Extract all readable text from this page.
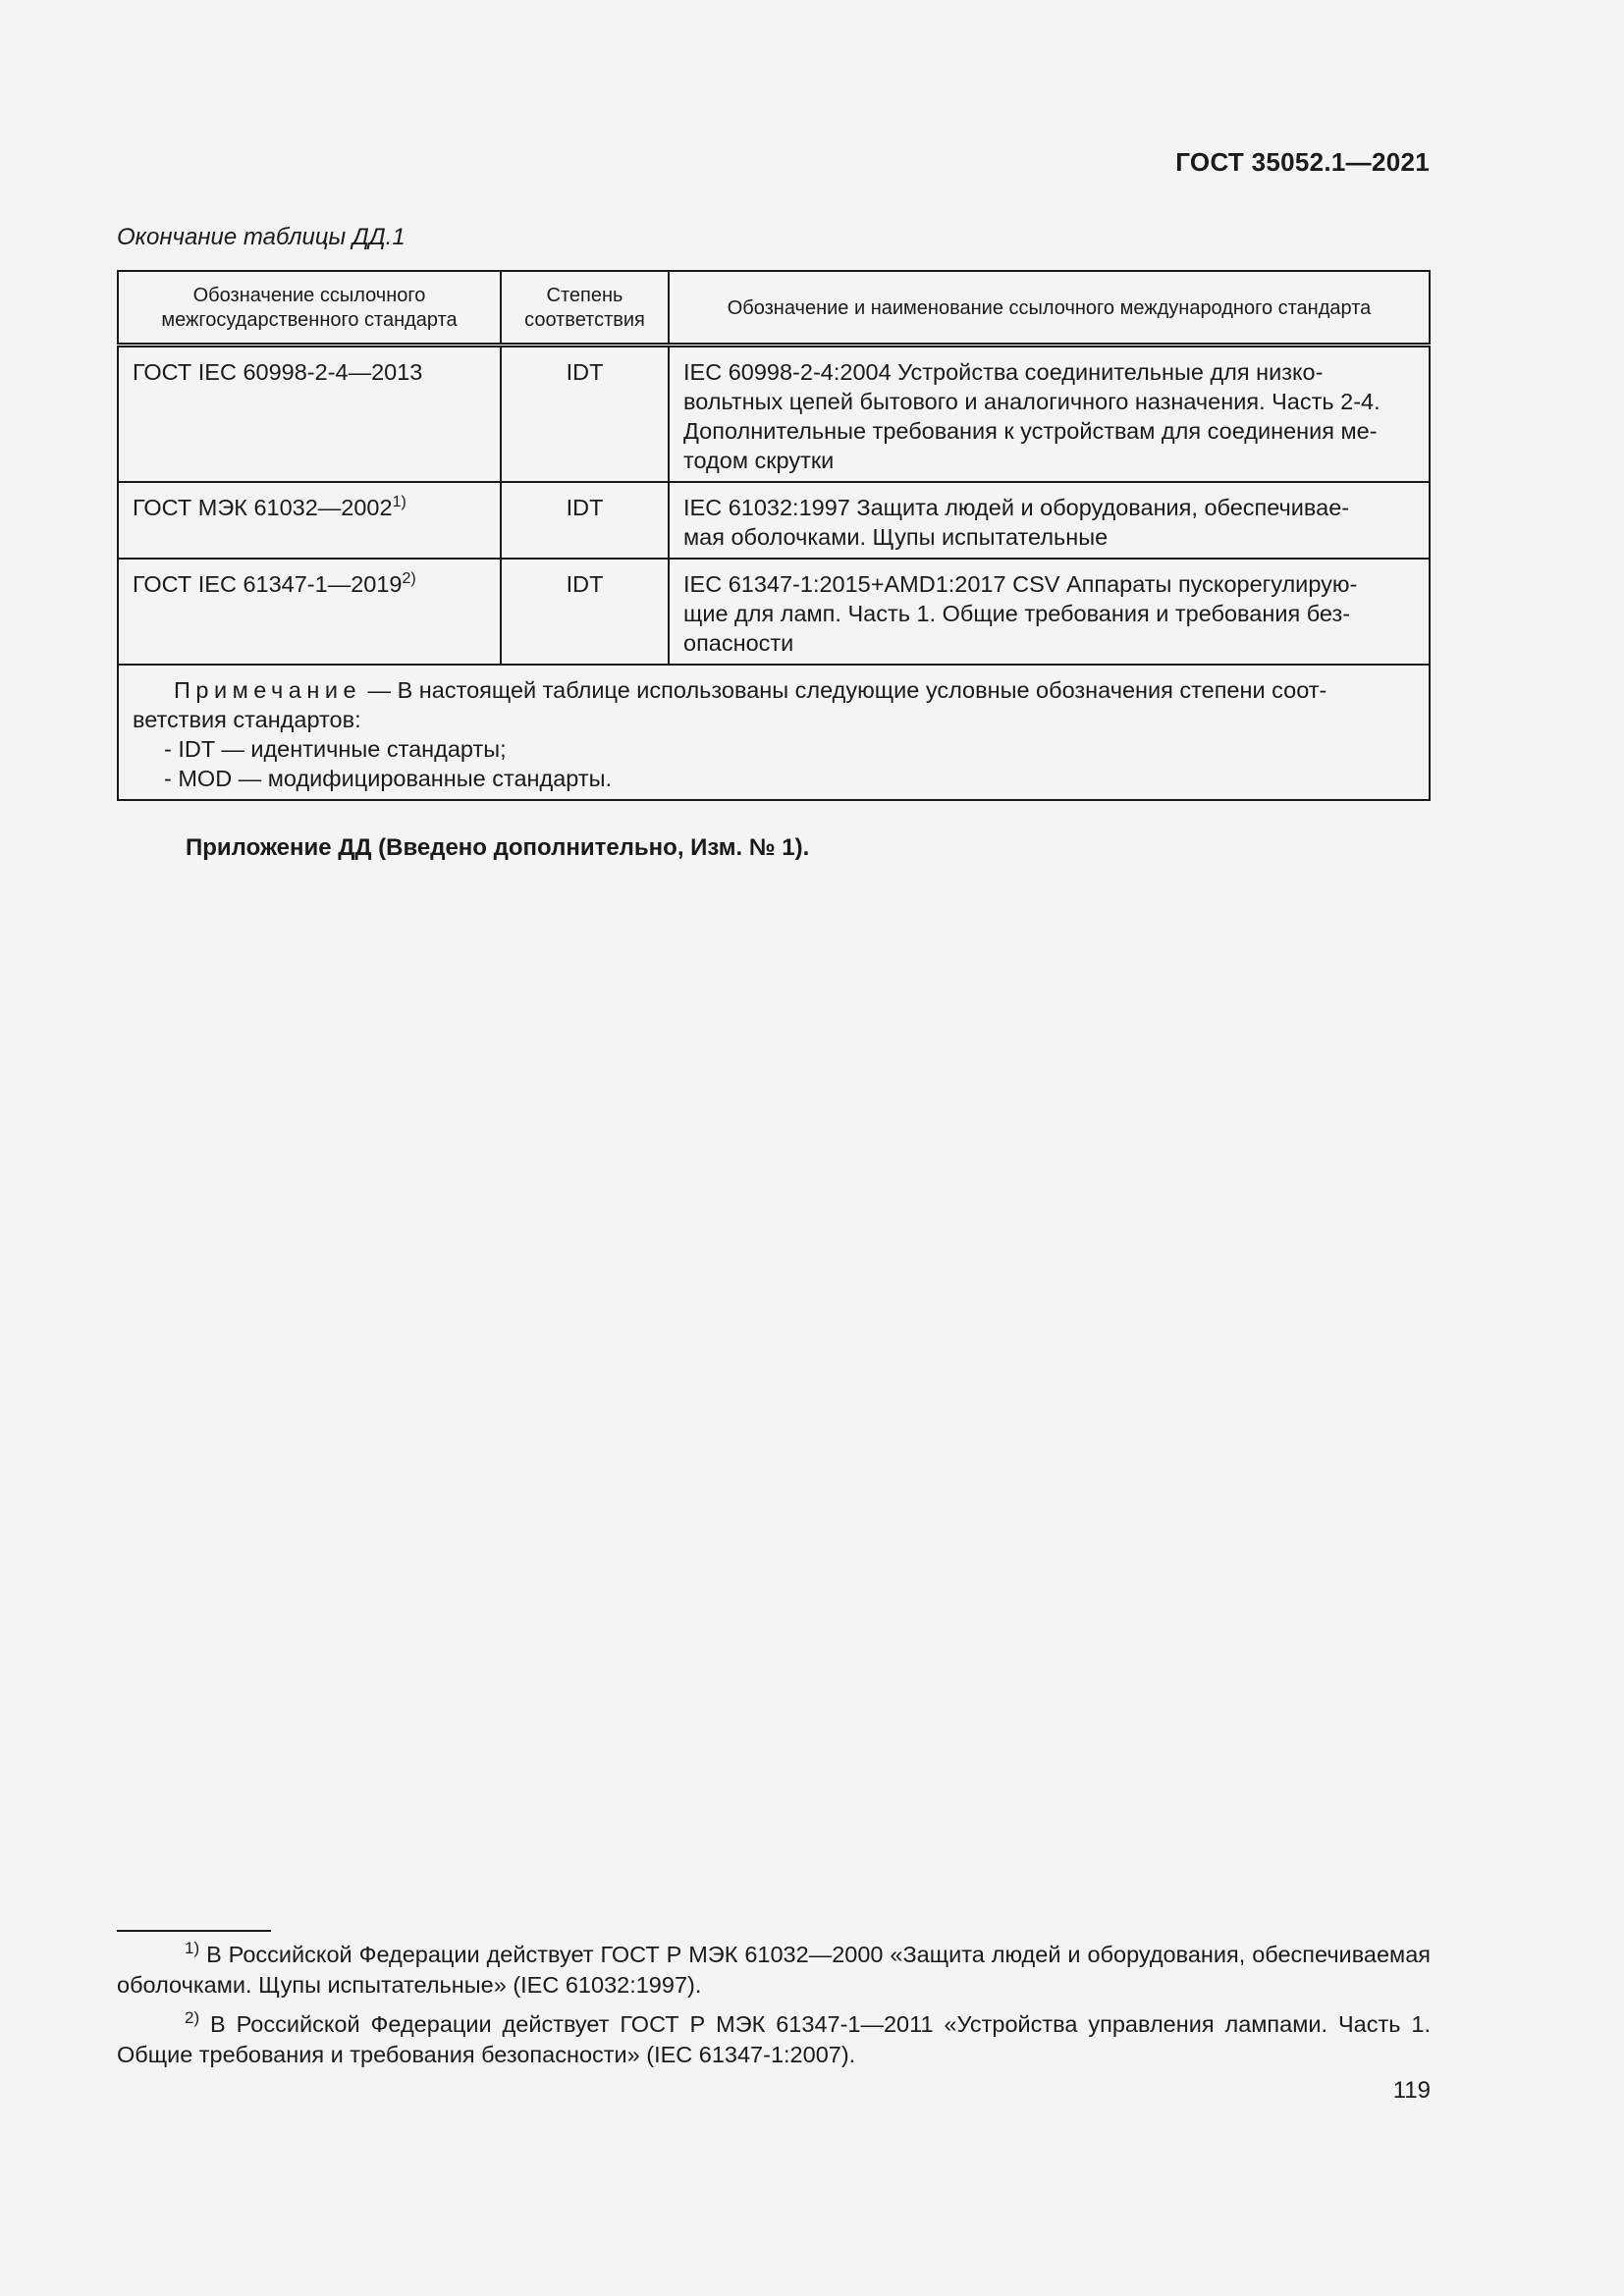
ГОСТ 35052.1—2021
Окончание таблицы ДД.1
Обозначение ссылочного межгосударственного стандарта	Степень соответствия	Обозначение и наименование ссылочного международного стандарта
ГОСТ IEC 60998-2-4—2013	IDT	IEC 60998-2-4:2004 Устройства соединительные для низко-
вольтных цепей бытового и аналогичного назначения. Часть 2-4.
Дополнительные требования к устройствам для соединения ме-
тодом скрутки

ГОСТ МЭК 61032—2002$^{1)}$	IDT	IEC 61032:1997 Защита людей и оборудования, обеспечивае-
мая оболочками. Щупы испытательные

ГОСТ IEC 61347-1—2019$^{2)}$	IDT	IEC 61347-1:2015+AMD1:2017 CSV Аппараты пускорегулирую-
щие для ламп. Часть 1. Общие требования и требования без-
опасности

Примечание — В настоящей таблице использованы следующие условные обозначения степени соот-
ветствия стандартов:
- IDT — идентичные стандарты;
- MOD — модифицированные стандарты.		
Приложение ДД (Введено дополнительно, Изм. № 1).
$^{1)}$ В Российской Федерации действует ГОСТ Р МЭК 61032—2000 «Защита людей и оборудования, обеспечиваемая оболочками. Щупы испытательные» (IEC 61032:1997).
$^{2)}$ В Российской Федерации действует ГОСТ Р МЭК 61347-1—2011 «Устройства управления лампами. Часть 1. Общие требования и требования безопасности» (IEC 61347-1:2007).
119
